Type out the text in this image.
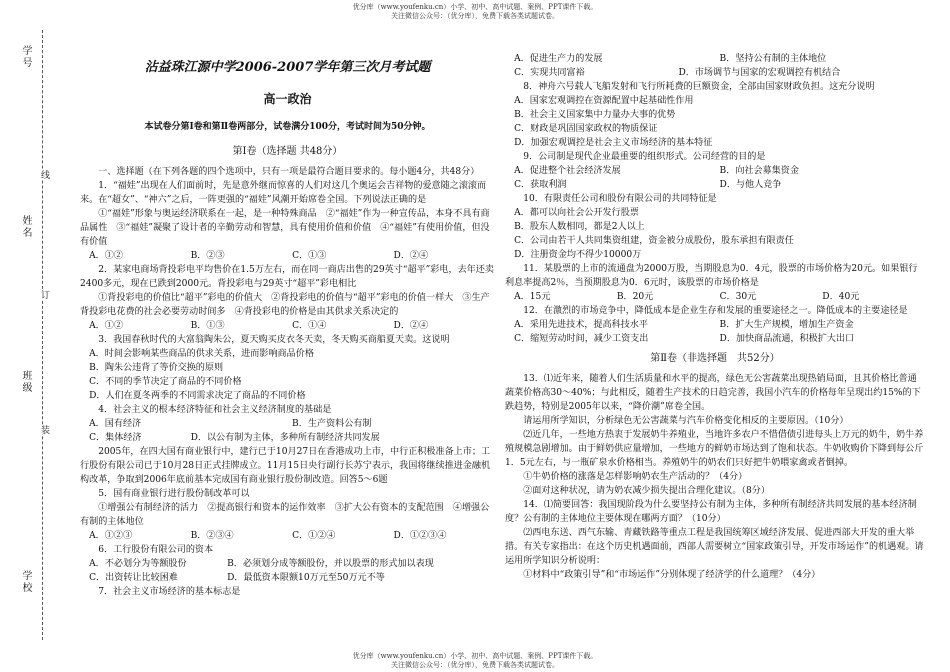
优分库（www.youfenku.cn）小学、初中、高中试题、案例、PPT课件下载。
关注微信公众号：（优分库），免费下载各类试题试卷。
优分库（www.youfenku.cn）小学、初中、高中试题、案例、PPT课件下载。
关注微信公众号：（优分库），免费下载各类试题试卷。
学号
姓名
班级
学校
线
订
装

沾益珠江源中学2006-2007学年第三次月考试题

高一政治

本试卷分第Ⅰ卷和第Ⅱ卷两部分，试卷满分100分，考试时间为50分钟。

第Ⅰ卷（选择题 共48分）

一、选择题（在下列各题的四个选项中，只有一项是最符合题目要求的。每小题4分，共48分）

1．“福娃”出现在人们面前时，先是意外继而惊喜的人们对这几个奥运会吉祥物的爱意随之滚滚而来。在“超女”、“神六”之后，一阵更强的“福娃”风潮开始席卷全国。下列说法正确的是

①“福娃”形象与奥运经济联系在一起，是一种特殊商品　②“福娃”作为一种宣传品，本身不具有商品属性　③“福娃”凝聚了设计者的辛勤劳动和智慧，具有使用价值和价值　④“福娃”有使用价值，但没有价值

A．①②	B．②③	C．①③	D．②④

2．某家电商场背投彩电平均售价在1.5万左右，而在同一商店出售的29英寸“超平”彩电，去年还卖2400多元，现在已跌到2000元。背投彩电与29英寸“超平”彩电相比

①背投彩电的价值比“超平”彩电的价值大　②背投彩电的价值与“超平”彩电的价值一样大　③生产背投彩电花费的社会必要劳动时间多　④背投彩电的价格是由其供求关系决定的

A．①②	B．①③	C．①④	D．②④

3．我国春秋时代的大富翁陶朱公，夏天购买皮衣冬天卖，冬天购买商船夏天卖。这说明

A．时间会影响某些商品的供求关系，进而影响商品价格

B．陶朱公违背了等价交换的原则

C．不同的季节决定了商品的不同价格

D．人们在夏冬两季的不同需求决定了商品的不同价格

4．社会主义的根本经济特征和社会主义经济制度的基础是

A．国有经济	B．生产资料公有制
C．集体经济	D．以公有制为主体，多种所有制经济共同发展

2005年，在四大国有商业银行中，建行已于10月27日在香港成功上市，中行正积极准备上市；工行股份有限公司已于10月28日正式挂牌成立。11月15日央行副行长苏宁表示，我国将继续推进金融机构改革，争取到2006年底前基本完成国有商业银行股份制改造。回答5～6题

5．国有商业银行进行股份制改革可以

①增强公有制经济的活力　②提高银行和资本的运作效率　③扩大公有资本的支配范围　④增强公有制的主体地位

A．①②③	B．②③④	C．①②④	D．①②③④

6．工行股份有限公司的资本

A．不必划分为等额股份	B．必须划分成等额股份，并以股票的形式加以表现
C．出资转让比较困难	D．最低资本限额10万元至50万元不等

7．社会主义市场经济的基本标志是

A．促进生产力的发展	B．坚持公有制的主体地位
C．实现共同富裕	D．市场调节与国家的宏观调控有机结合

8．神舟六号载人飞船发射和飞行所耗费的巨额资金，全部由国家财政负担。这充分说明

A．国家宏观调控在资源配置中起基础性作用

B．社会主义国家集中力量办大事的优势

C．财政是巩固国家政权的物质保证

D．加强宏观调控是社会主义市场经济的基本特征

9．公司制是现代企业最重要的组织形式。公司经营的目的是

A．促进整个社会经济发展	B．向社会募集资金
C．获取利润	D．与他人竞争

10．有限责任公司和股份有限公司的共同特征是

A．都可以向社会公开发行股票

B．股东人数相同，都是2人以上

C．公司由若干人共同集资组建，资金被分成股份，股东承担有限责任

D．注册资金均不得少10000万

11．某股票的上市的流通盘为2000万股，当期股息为0．4元，股票的市场价格为20元。如果银行利息率提高2％，当预期股息为0．6元时，该股票的市场价格是

A．15元	B．20元	C．30元	D．40元

12．在激烈的市场竞争中，降低成本是企业生存和发展的重要途径之一。降低成本的主要途径是

A．采用先进技术，提高科技水平	B．扩大生产规模，增加生产资金
C．缩短劳动时间，减少工资支出	D．加快商品流通，积极扩大出口

第Ⅱ卷（非选择题　共52分）

13．⑴近年来，随着人们生活质量和水平的提高，绿色无公害蔬菜出现热销局面，且其价格比普通蔬菜价格高30～40%；与此相反，随着生产技术的日趋完善，我国小汽车的价格每年呈现出约15%的下跌趋势，特别是2005年以来，“降价潮”席卷全国。

请运用所学知识，分析绿色无公害蔬菜与汽车价格变化相反的主要原因。（10分）

⑵近几年，一些地方热衷于发展奶牛养殖业，当地许多农户不惜借债引进每头上万元的奶牛，奶牛养殖规模急剧增加。由于鲜奶供应量增加，一些地方的鲜奶市场达到了饱和状态。牛奶收购价下降到每公斤1．5元左右，与一瓶矿泉水价格相当。养殖奶牛的奶农们只好把牛奶喂家禽或者倒掉。

①牛奶价格的涨落是怎样影响奶农生产活动的？（4分）

②面对这种状况，请为奶农减少损失提出合理化建议。（8分）

14．⑴简要回答：我国现阶段为什么要坚持公有制为主体，多种所有制经济共同发展的基本经济制度？公有制的主体地位主要体现在哪两方面？（10分）

⑵西电东送、西气东输、青藏铁路等重点工程是我国统筹区域经济发展、促进西部大开发的重大举措。有关专家指出：在这个历史机遇面前，西部人需要树立“国家政策引导，开发市场运作”的机遇观。请运用所学知识分析说明：

①材料中“政策引导”和“市场运作”分别体现了经济学的什么道理？（4分）
